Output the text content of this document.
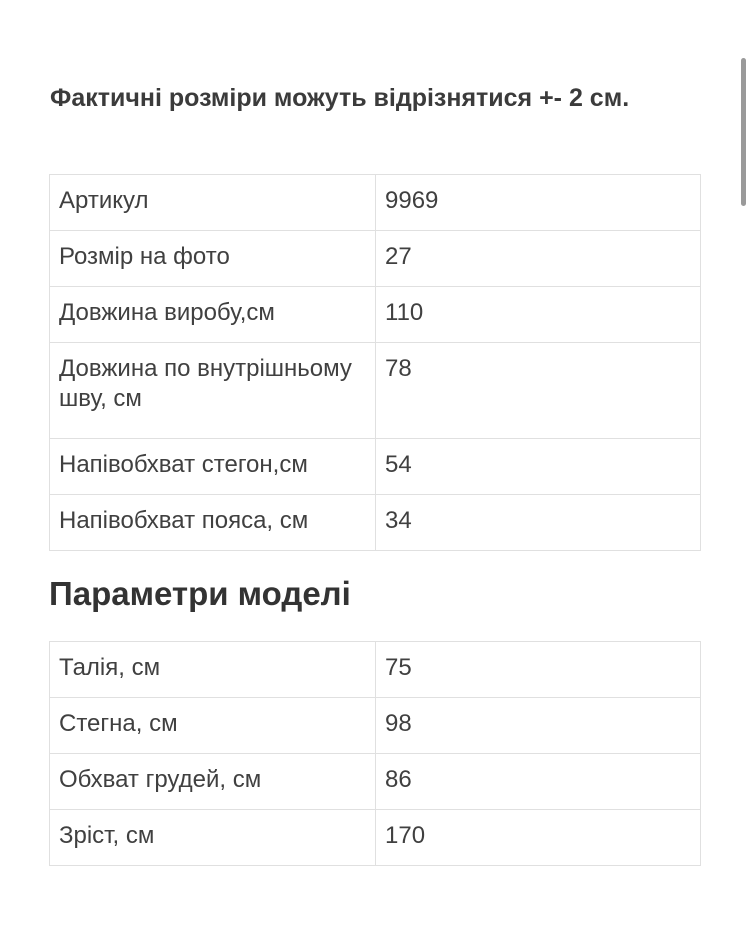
Фактичні розміри можуть відрізнятися +- 2 см.

Артикул	9969
Розмір на фото	27
Довжина виробу,см	110
Довжина по внутрішньому шву, см	78
Напівобхват стегон,см	54
Напівобхват пояса, см	34
Параметри моделі
Талія, см	75
Стегна, см	98
Обхват грудей, см	86
Зріст, см	170
